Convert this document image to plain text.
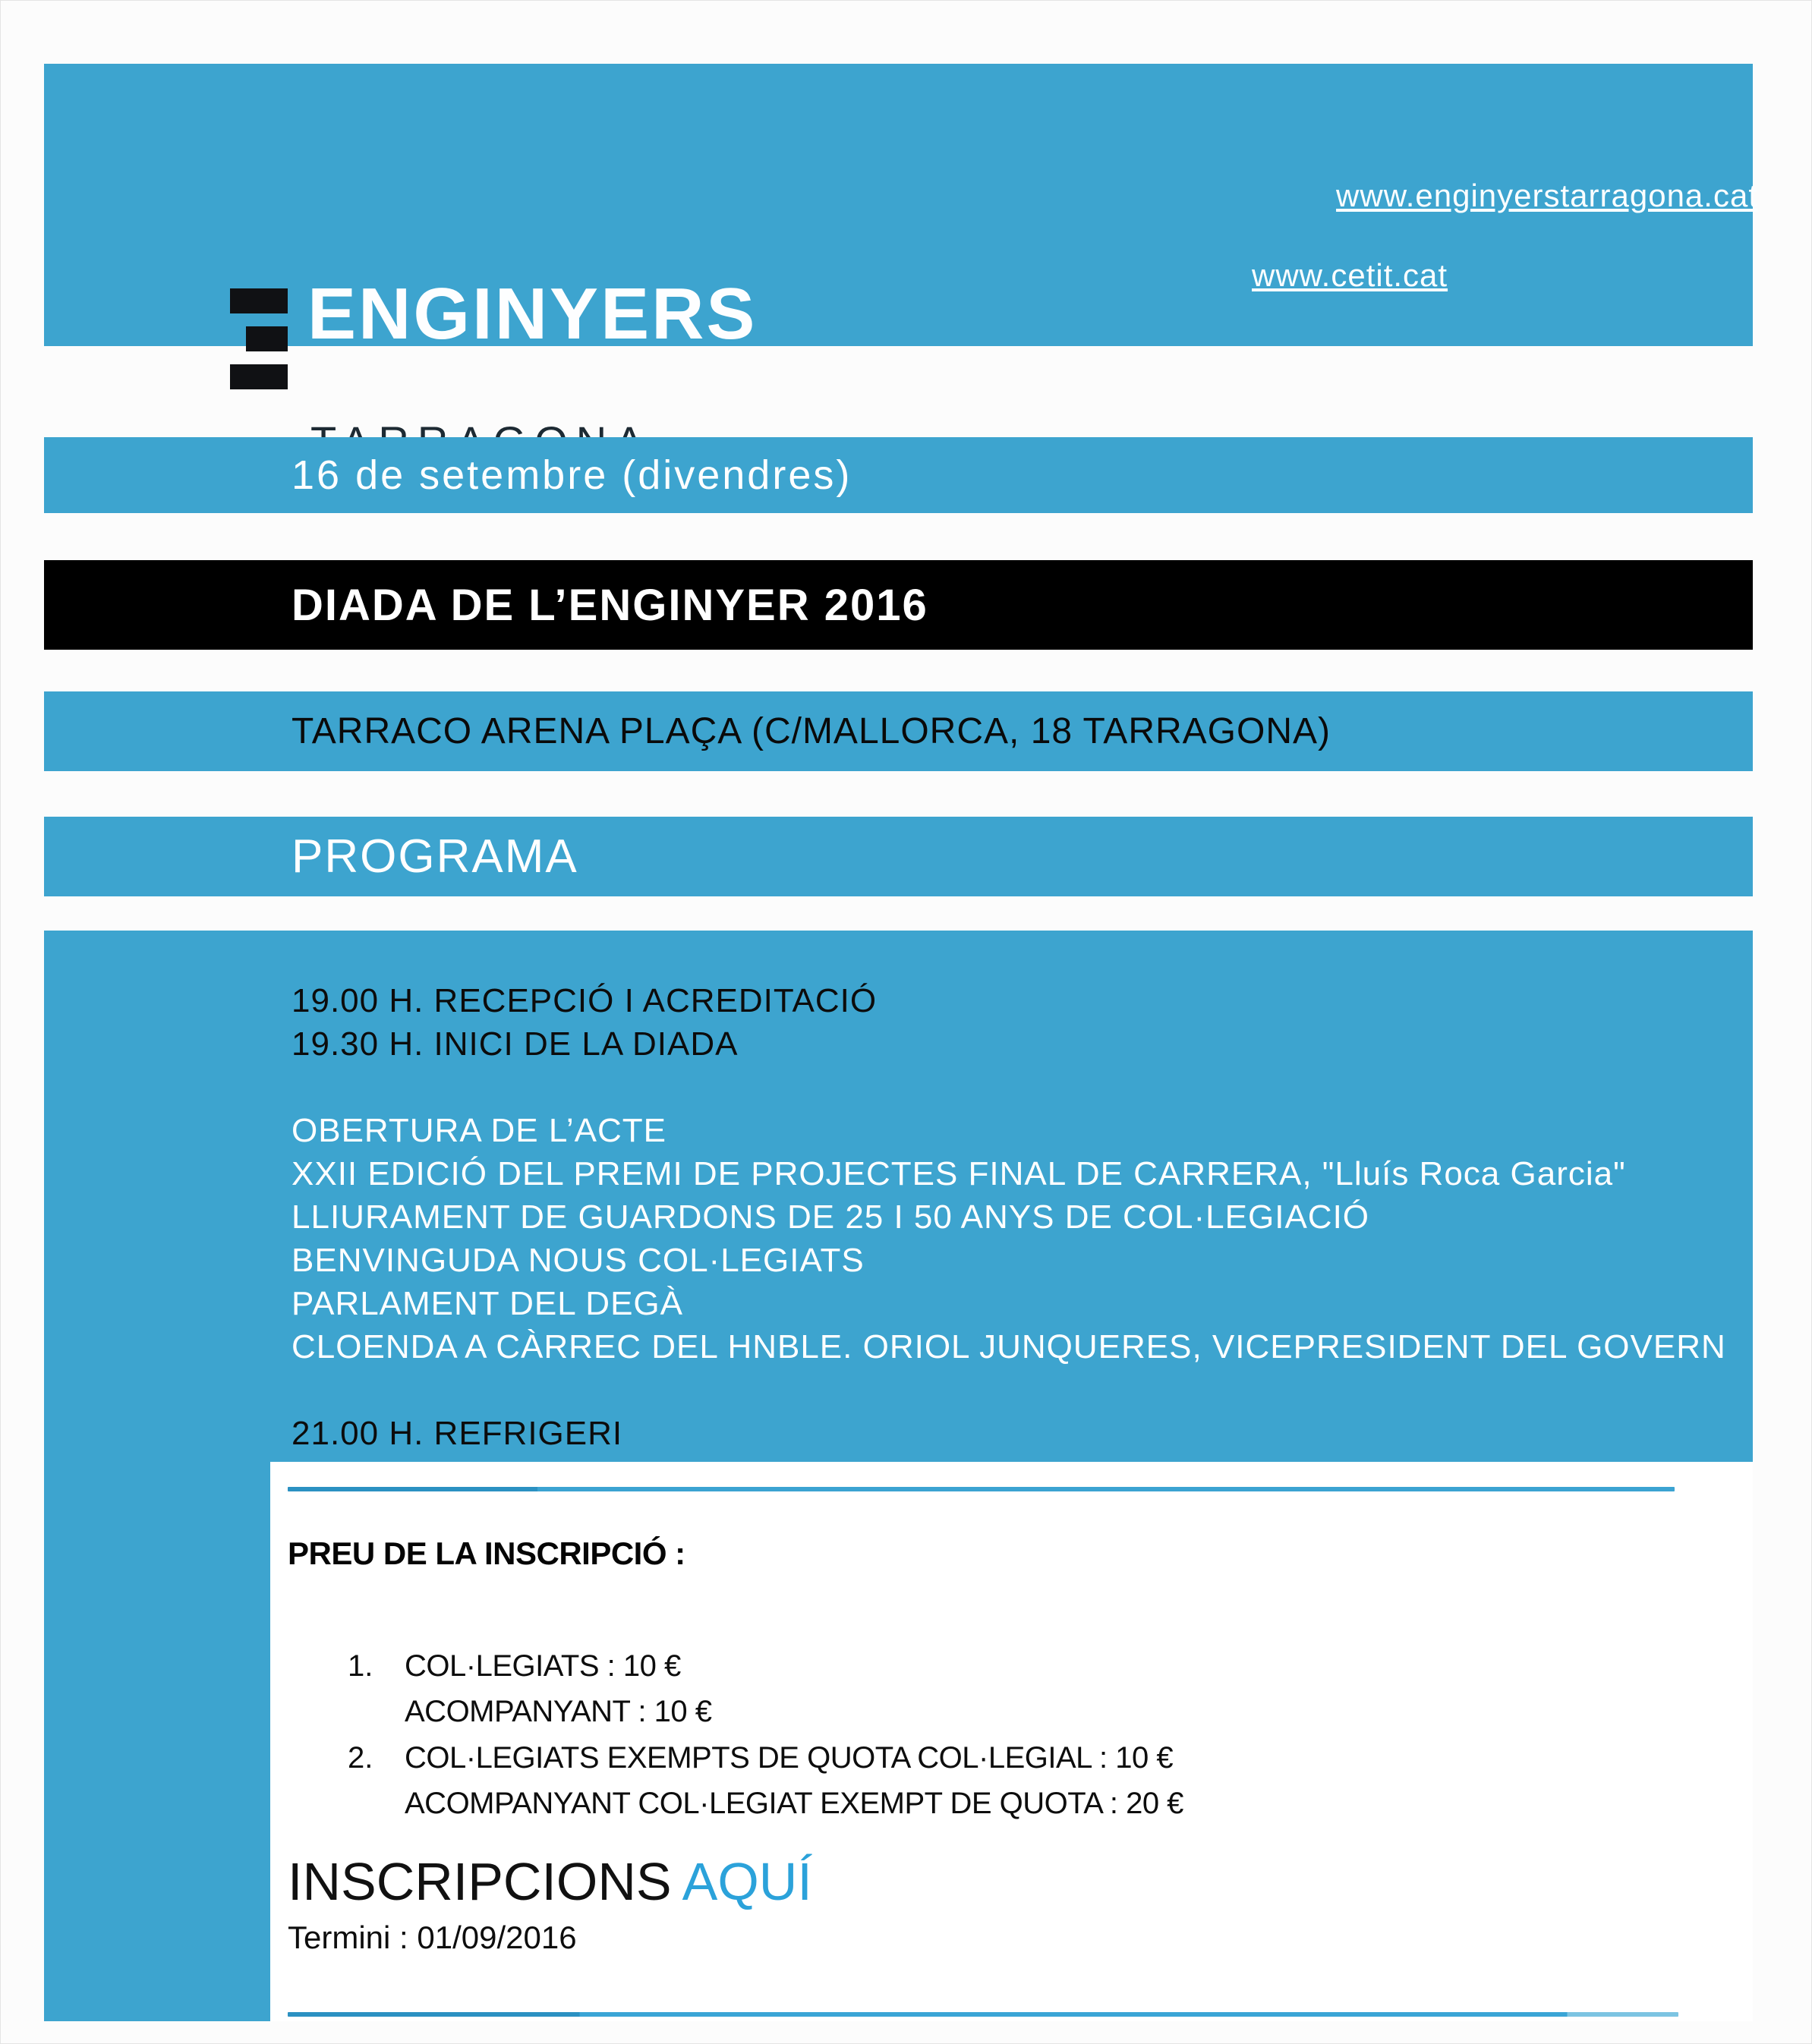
www.enginyerstarragona.cat
www.cetit.cat
ENGINYERS
16 de setembre (divendres)
DIADA DE L’ENGINYER 2016
TARRACO ARENA PLAÇA (C/MALLORCA, 18 TARRAGONA)
PROGRAMA
19.00 H. RECEPCIÓ I ACREDITACIÓ
19.30 H. INICI DE LA DIADA
OBERTURA DE L’ACTE
XXII EDICIÓ DEL PREMI DE PROJECTES FINAL DE CARRERA, "Lluís Roca Garcia"
LLIURAMENT DE GUARDONS DE 25 I 50 ANYS DE COL·LEGIACIÓ
BENVINGUDA NOUS COL·LEGIATS
PARLAMENT DEL DEGÀ
CLOENDA A CÀRREC DEL HNBLE. ORIOL JUNQUERES, VICEPRESIDENT DEL GOVERN
21.00 H. REFRIGERI
PREU DE LA INSCRIPCIÓ :
1. COL·LEGIATS : 10 €
ACOMPANYANT : 10 €
2. COL·LEGIATS EXEMPTS DE QUOTA COL·LEGIAL : 10 €
ACOMPANYANT COL·LEGIAT EXEMPT DE QUOTA : 20 €
INSCRIPCIONS AQUÍ
Termini : 01/09/2016
